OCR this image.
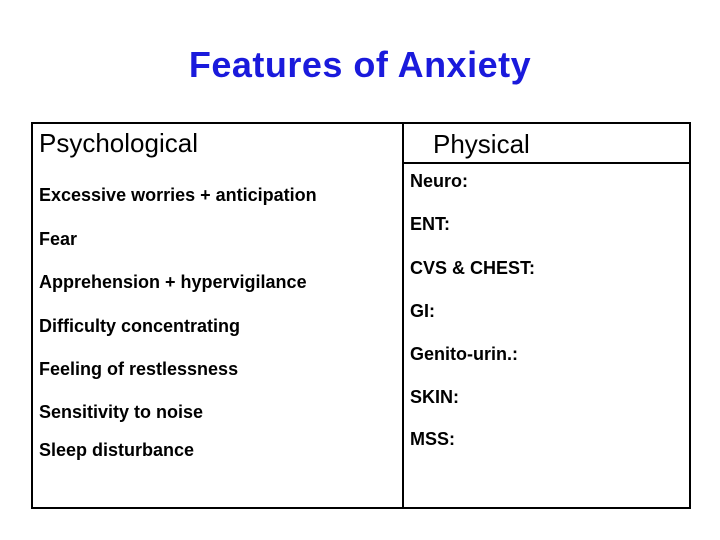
Features of Anxiety
Psychological	Physical
Excessive worries + anticipation
Fear
Apprehension + hypervigilance
Difficulty concentrating
Feeling of restlessness
Sensitivity to noise
Sleep disturbance
Neuro:
ENT:
CVS & CHEST:
GI:
Genito-urin.:
SKIN:
MSS:
